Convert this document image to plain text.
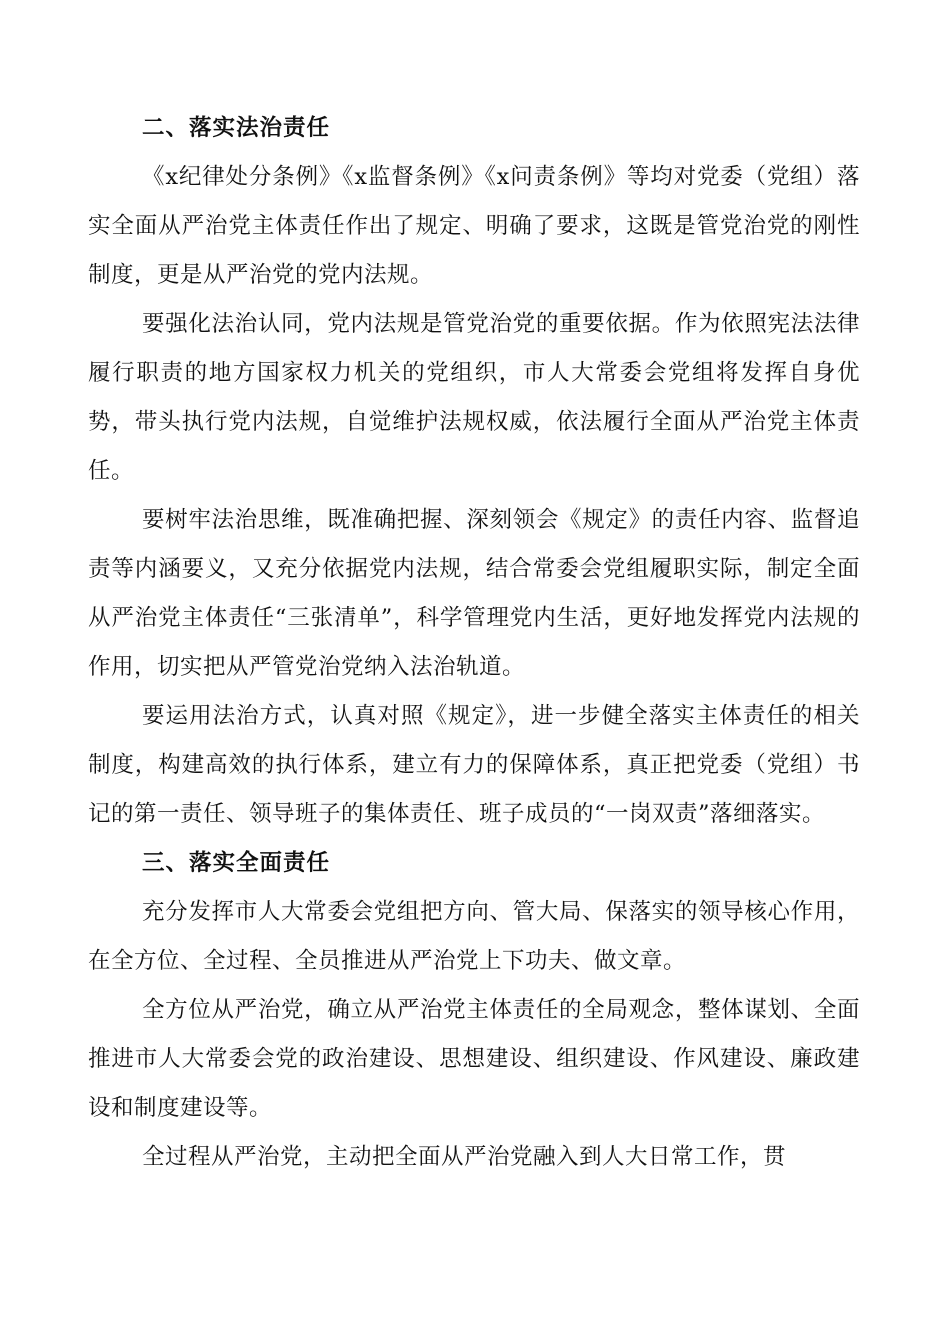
二、落实法治责任

《x纪律处分条例》《x监督条例》《x问责条例》等均对党委（党组）落实全面从严治党主体责任作出了规定、明确了要求，这既是管党治党的刚性制度，更是从严治党的党内法规。

要强化法治认同，党内法规是管党治党的重要依据。作为依照宪法法律履行职责的地方国家权力机关的党组织，市人大常委会党组将发挥自身优势，带头执行党内法规，自觉维护法规权威，依法履行全面从严治党主体责任。

要树牢法治思维，既准确把握、深刻领会《规定》的责任内容、监督追责等内涵要义，又充分依据党内法规，结合常委会党组履职实际，制定全面从严治党主体责任“三张清单”，科学管理党内生活，更好地发挥党内法规的作用，切实把从严管党治党纳入法治轨道。

要运用法治方式，认真对照《规定》，进一步健全落实主体责任的相关制度，构建高效的执行体系，建立有力的保障体系，真正把党委（党组）书记的第一责任、领导班子的集体责任、班子成员的“一岗双责”落细落实。

三、落实全面责任

充分发挥市人大常委会党组把方向、管大局、保落实的领导核心作用，在全方位、全过程、全员推进从严治党上下功夫、做文章。

全方位从严治党，确立从严治党主体责任的全局观念，整体谋划、全面推进市人大常委会党的政治建设、思想建设、组织建设、作风建设、廉政建设和制度建设等。

全过程从严治党，主动把全面从严治党融入到人大日常工作，贯
